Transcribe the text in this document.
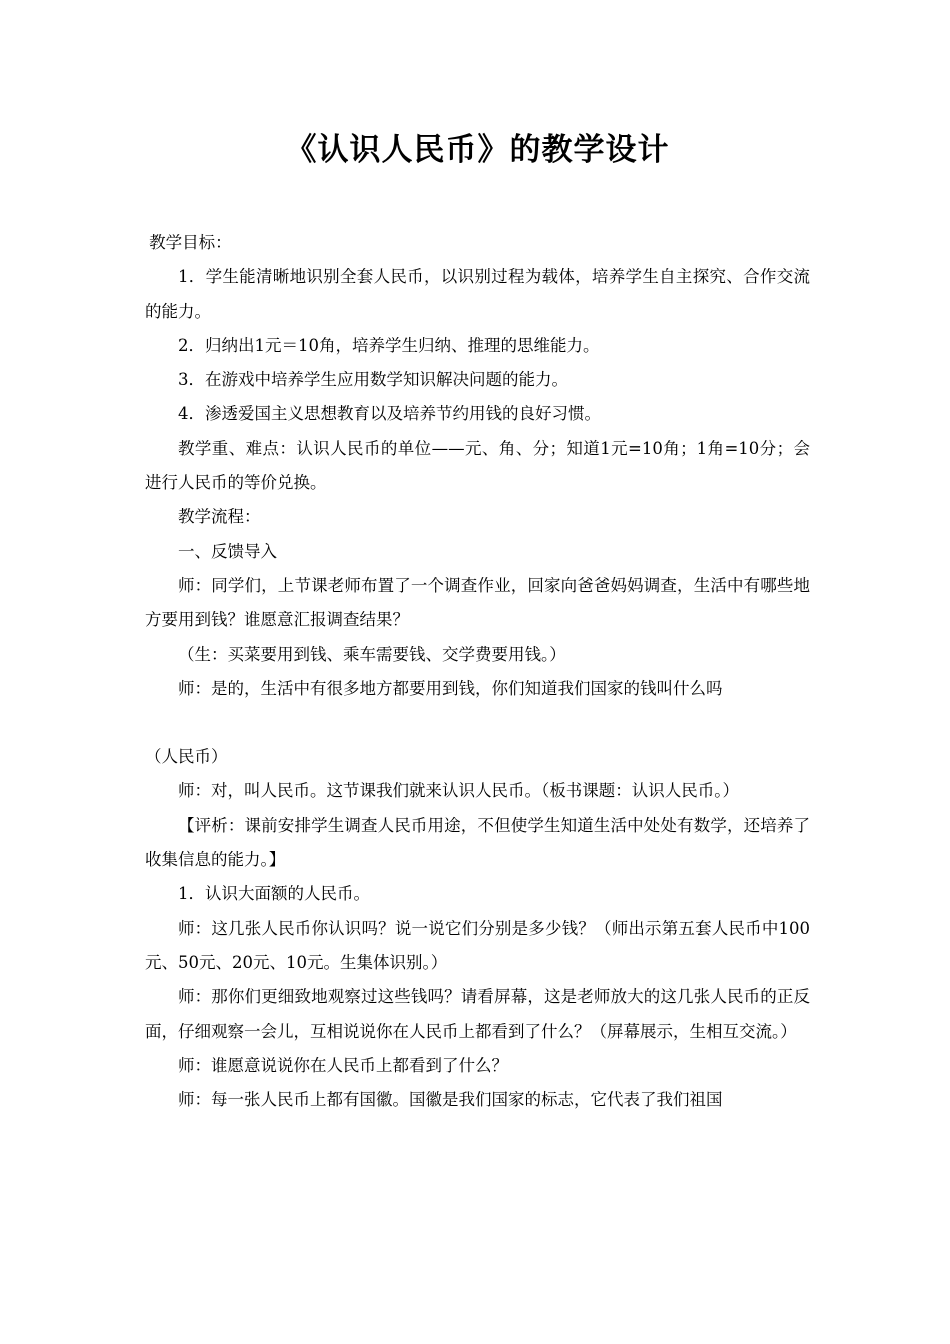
《认识人民币》的教学设计

教学目标：

1．学生能清晰地识别全套人民币，以识别过程为载体，培养学生自主探究、合作交流的能力。

2．归纳出1元＝10角，培养学生归纳、推理的思维能力。

3．在游戏中培养学生应用数学知识解决问题的能力。

4．渗透爱国主义思想教育以及培养节约用钱的良好习惯。

教学重、难点：认识人民币的单位——元、角、分；知道1元=10角；1角=10分；会进行人民币的等价兑换。

教学流程：

一、反馈导入

师：同学们，上节课老师布置了一个调查作业，回家向爸爸妈妈调查，生活中有哪些地方要用到钱？谁愿意汇报调查结果？

（生：买菜要用到钱、乘车需要钱、交学费要用钱。）

师：是的，生活中有很多地方都要用到钱，你们知道我们国家的钱叫什么吗

（人民币）

师：对，叫人民币。这节课我们就来认识人民币。（板书课题：认识人民币。）

【评析：课前安排学生调查人民币用途，不但使学生知道生活中处处有数学，还培养了收集信息的能力。】

1．认识大面额的人民币。

师：这几张人民币你认识吗？说一说它们分别是多少钱？（师出示第五套人民币中100元、50元、20元、10元。生集体识别。）

师：那你们更细致地观察过这些钱吗？请看屏幕，这是老师放大的这几张人民币的正反面，仔细观察一会儿，互相说说你在人民币上都看到了什么？（屏幕展示，生相互交流。）

师：谁愿意说说你在人民币上都看到了什么？

师：每一张人民币上都有国徽。国徽是我们国家的标志，它代表了我们祖国
